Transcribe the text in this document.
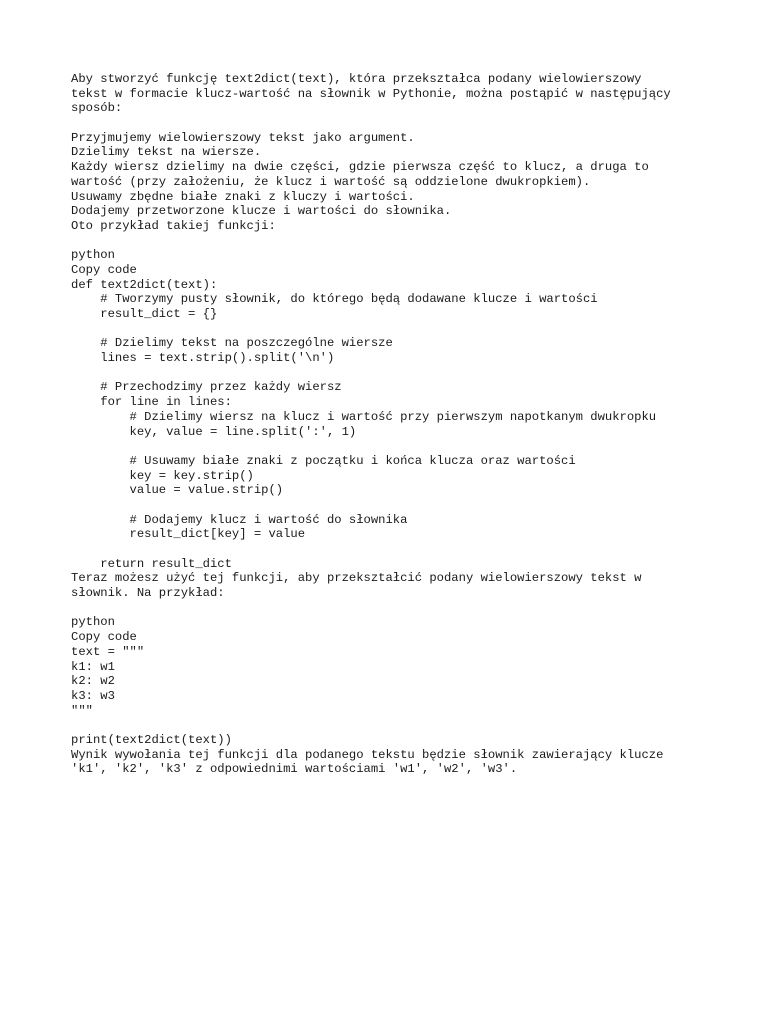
Aby stworzyć funkcję text2dict(text), która przekształca podany wielowierszowy
tekst w formacie klucz-wartość na słownik w Pythonie, można postąpić w następujący
sposób:
Przyjmujemy wielowierszowy tekst jako argument.
Dzielimy tekst na wiersze.
Każdy wiersz dzielimy na dwie części, gdzie pierwsza część to klucz, a druga to
wartość (przy założeniu, że klucz i wartość są oddzielone dwukropkiem).
Usuwamy zbędne białe znaki z kluczy i wartości.
Dodajemy przetworzone klucze i wartości do słownika.
Oto przykład takiej funkcji:
python
Copy code
def text2dict(text):
# Tworzymy pusty słownik, do którego będą dodawane klucze i wartości
result_dict = {}
# Dzielimy tekst na poszczególne wiersze
lines = text.strip().split('\n')
# Przechodzimy przez każdy wiersz
for line in lines:
# Dzielimy wiersz na klucz i wartość przy pierwszym napotkanym dwukropku
key, value = line.split(':', 1)
# Usuwamy białe znaki z początku i końca klucza oraz wartości
key = key.strip()
value = value.strip()
# Dodajemy klucz i wartość do słownika
result_dict[key] = value
return result_dict
Teraz możesz użyć tej funkcji, aby przekształcić podany wielowierszowy tekst w
słownik. Na przykład:
python
Copy code
text = """
k1: w1
k2: w2
k3: w3
"""
print(text2dict(text))
Wynik wywołania tej funkcji dla podanego tekstu będzie słownik zawierający klucze
'k1', 'k2', 'k3' z odpowiednimi wartościami 'w1', 'w2', 'w3'.
